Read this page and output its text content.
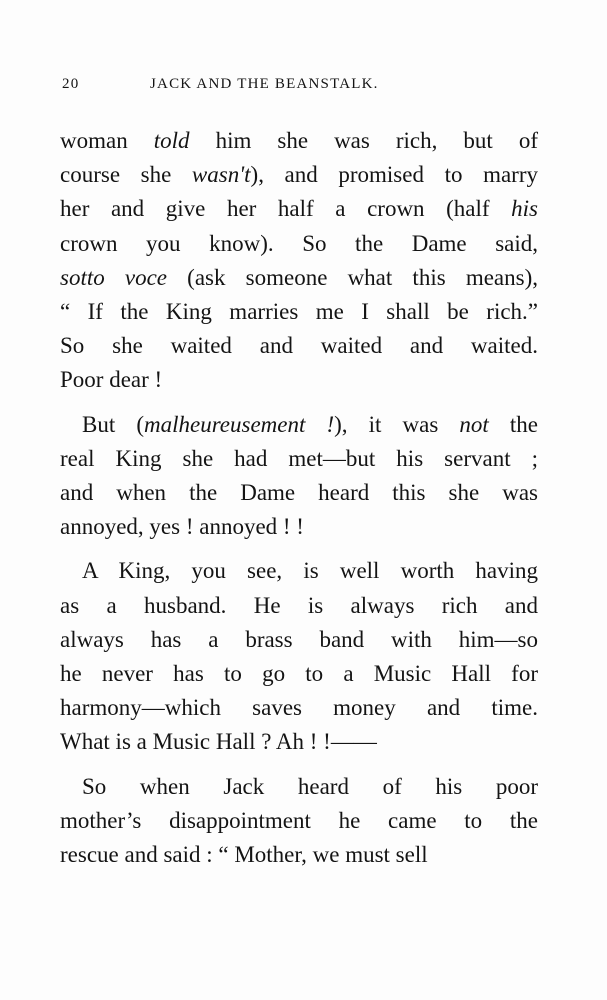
20	JACK AND THE BEANSTALK.

woman told him she was rich, but of
course she wasn't), and promised to marry
her and give her half a crown (half his
crown you know). So the Dame said,
sotto voce (ask someone what this means),
“ If the King marries me I shall be rich.”
So she waited and waited and waited.
Poor dear !

But (malheureusement !), it was not the
real King she had met—but his servant ;
and when the Dame heard this she was
annoyed, yes ! annoyed ! !

A King, you see, is well worth having
as a husband. He is always rich and
always has a brass band with him—so
he never has to go to a Music Hall for
harmony—which saves money and time.
What is a Music Hall ? Ah ! !——

So when Jack heard of his poor
mother’s disappointment he came to the
rescue and said : “ Mother, we must sell
